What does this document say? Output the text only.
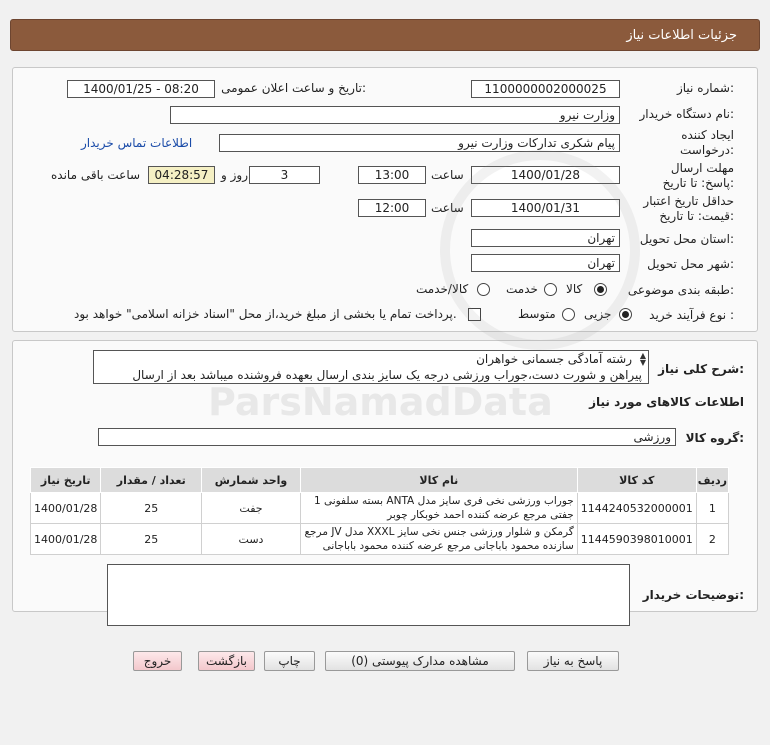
جزئیات اطلاعات نیاز
شماره نیاز:
1100000002000025
تاریخ و ساعت اعلان عمومی:
1400/01/25 - 08:20
نام دستگاه خریدار:
وزارت نیرو
ایجاد کننده درخواست:
پیام شکری تدارکات وزارت نیرو
اطلاعات تماس خریدار
مهلت ارسال پاسخ: تا تاریخ:
1400/01/28
ساعت
13:00
3
روز و
04:28:57
ساعت باقی مانده
حداقل تاریخ اعتبار قیمت: تا تاریخ:
1400/01/31
ساعت
12:00
استان محل تحویل:
تهران
شهر محل تحویل:
تهران
طبقه بندی موضوعی:
کالا
خدمت
کالا/خدمت
نوع فرآیند خرید :
جزیی
متوسط
پرداخت تمام یا بخشی از مبلغ خرید،از محل "اسناد خزانه اسلامی" خواهد بود.
شرح کلی نیاز:
رشته آمادگی جسمانی خواهران
پیراهن و شورت دست،جوراب ورزشی درجه یک سایز بندی ارسال بعهده فروشنده میباشد بعد از ارسال
▲
▼
اطلاعات کالاهای مورد نیاز
گروه کالا:
ورزشی
ردیف	کد کالا	نام کالا	واحد شمارش	تعداد / مقدار	تاریخ نیاز
1	1144240532000001	جوراب ورزشی نخی فری سایز مدل ANTA بسته سلفونی 1 جفتی مرجع عرضه کننده احمد خوبکار چوبر	جفت	25	1400/01/28
2	1144590398010001	گرمکن و شلوار ورزشی جنس نخی سایز XXXL مدل JV مرجع سازنده محمود باباجانی مرجع عرضه کننده محمود باباجانی	دست	25	1400/01/28
توضیحات خریدار:
ParsNamadData
پاسخ به نیاز
مشاهده مدارک پیوستی (0)
چاپ
بازگشت
خروج
